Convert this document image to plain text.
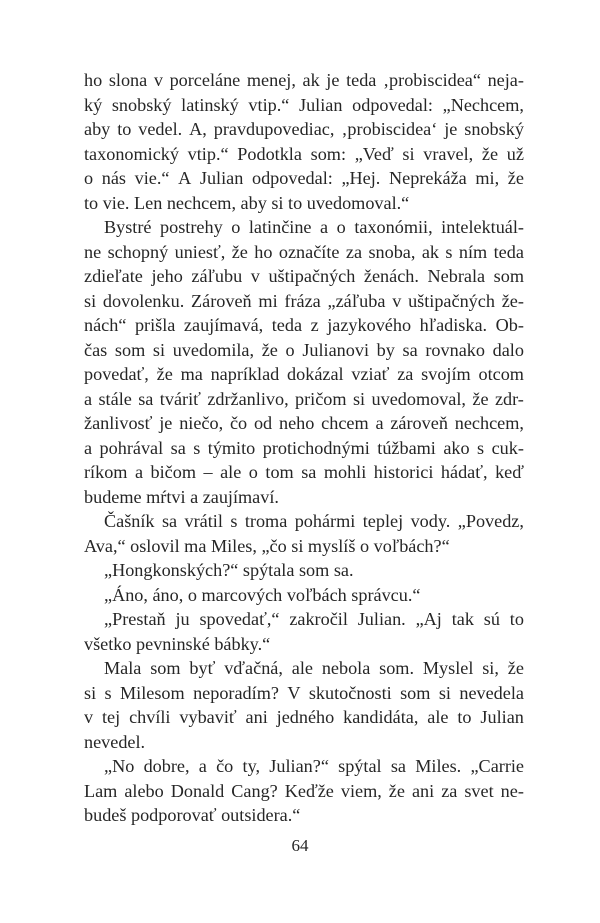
ho slona v porceláne menej, ak je teda ‚probiscidea“ neja-
ký snobský latinský vtip.“ Julian odpovedal: „Nechcem,
aby to vedel. A, pravdupovediac, ‚probiscidea‘ je snobský
taxonomický vtip.“ Podotkla som: „Veď si vravel, že už
o nás vie.“ A Julian odpovedal: „Hej. Neprekáža mi, že
to vie. Len nechcem, aby si to uvedomoval.“
Bystré postrehy o latinčine a o taxonómii, intelektuál-
ne schopný uniesť, že ho označíte za snoba, ak s ním teda
zdieľate jeho záľubu v uštipačných ženách. Nebrala som
si dovolenku. Zároveň mi fráza „záľuba v uštipačných že-
nách“ prišla zaujímavá, teda z jazykového hľadiska. Ob-
čas som si uvedomila, že o Julianovi by sa rovnako dalo
povedať, že ma napríklad dokázal vziať za svojím otcom
a stále sa tváriť zdržanlivo, pričom si uvedomoval, že zdr-
žanlivosť je niečo, čo od neho chcem a zároveň nechcem,
a pohrával sa s týmito protichodnými túžbami ako s cuk-
ríkom a bičom – ale o tom sa mohli historici hádať, keď
budeme mŕtvi a zaujímaví.
Čašník sa vrátil s troma pohármi teplej vody. „Povedz,
Ava,“ oslovil ma Miles, „čo si myslíš o voľbách?“
„Hongkonských?“ spýtala som sa.
„Áno, áno, o marcových voľbách správcu.“
„Prestaň ju spovedať,“ zakročil Julian. „Aj tak sú to
všetko pevninské bábky.“
Mala som byť vďačná, ale nebola som. Myslel si, že
si s Milesom neporadím? V skutočnosti som si nevedela
v tej chvíli vybaviť ani jedného kandidáta, ale to Julian
nevedel.
„No dobre, a čo ty, Julian?“ spýtal sa Miles. „Carrie
Lam alebo Donald Cang? Keďže viem, že ani za svet ne-
budeš podporovať outsidera.“
64
